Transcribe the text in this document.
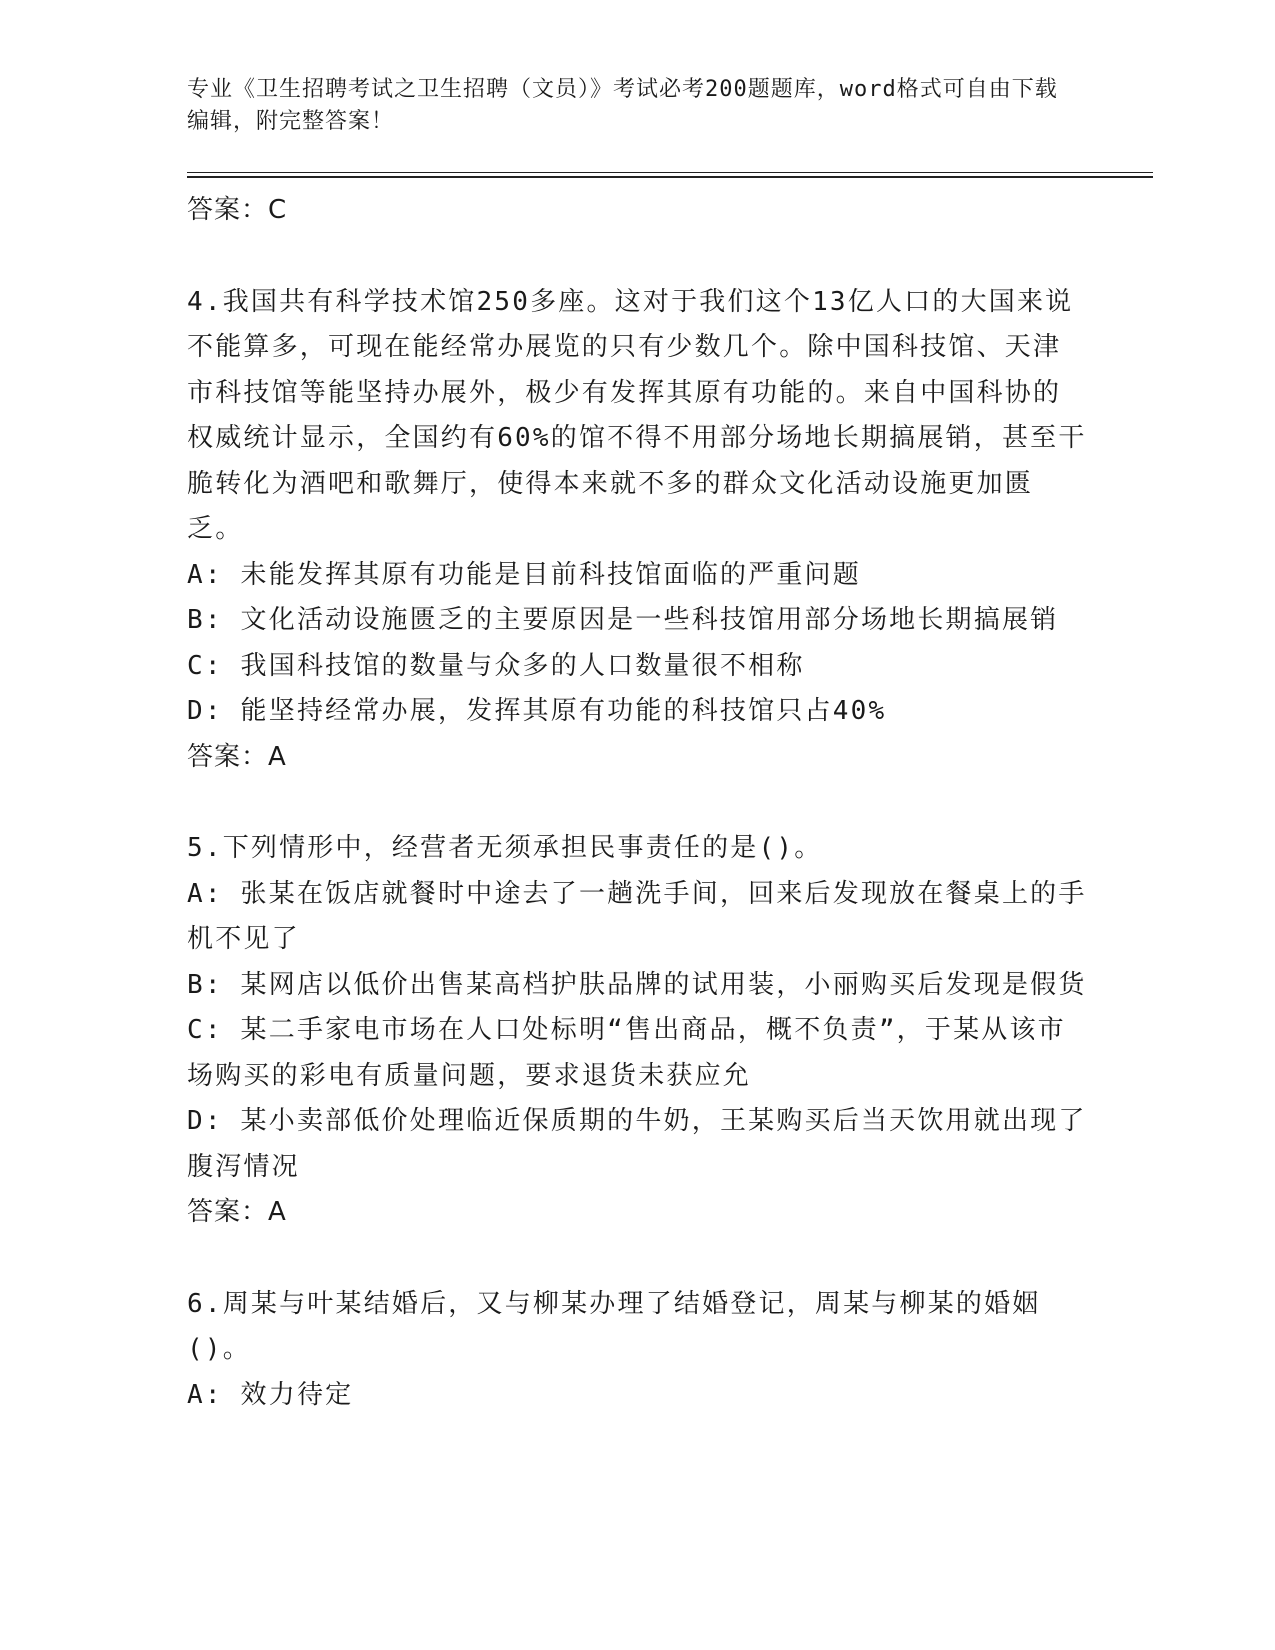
专业《卫生招聘考试之卫生招聘（文员）》考试必考200题题库，word格式可自由下载编辑，附完整答案！

答案：C

4.我国共有科学技术馆250多座。这对于我们这个13亿人口的大国来说不能算多，可现在能经常办展览的只有少数几个。除中国科技馆、天津市科技馆等能坚持办展外，极少有发挥其原有功能的。来自中国科协的权威统计显示，全国约有60%的馆不得不用部分场地长期搞展销，甚至干脆转化为酒吧和歌舞厅，使得本来就不多的群众文化活动设施更加匮乏。

A: 未能发挥其原有功能是目前科技馆面临的严重问题

B: 文化活动设施匮乏的主要原因是一些科技馆用部分场地长期搞展销

C: 我国科技馆的数量与众多的人口数量很不相称

D: 能坚持经常办展，发挥其原有功能的科技馆只占40%

答案：A

5.下列情形中，经营者无须承担民事责任的是()。

A: 张某在饭店就餐时中途去了一趟洗手间，回来后发现放在餐桌上的手机不见了

B: 某网店以低价出售某高档护肤品牌的试用装，小丽购买后发现是假货

C: 某二手家电市场在人口处标明“售出商品，概不负责”，于某从该市场购买的彩电有质量问题，要求退货未获应允

D: 某小卖部低价处理临近保质期的牛奶，王某购买后当天饮用就出现了腹泻情况

答案：A

6.周某与叶某结婚后，又与柳某办理了结婚登记，周某与柳某的婚姻()。

A: 效力待定
